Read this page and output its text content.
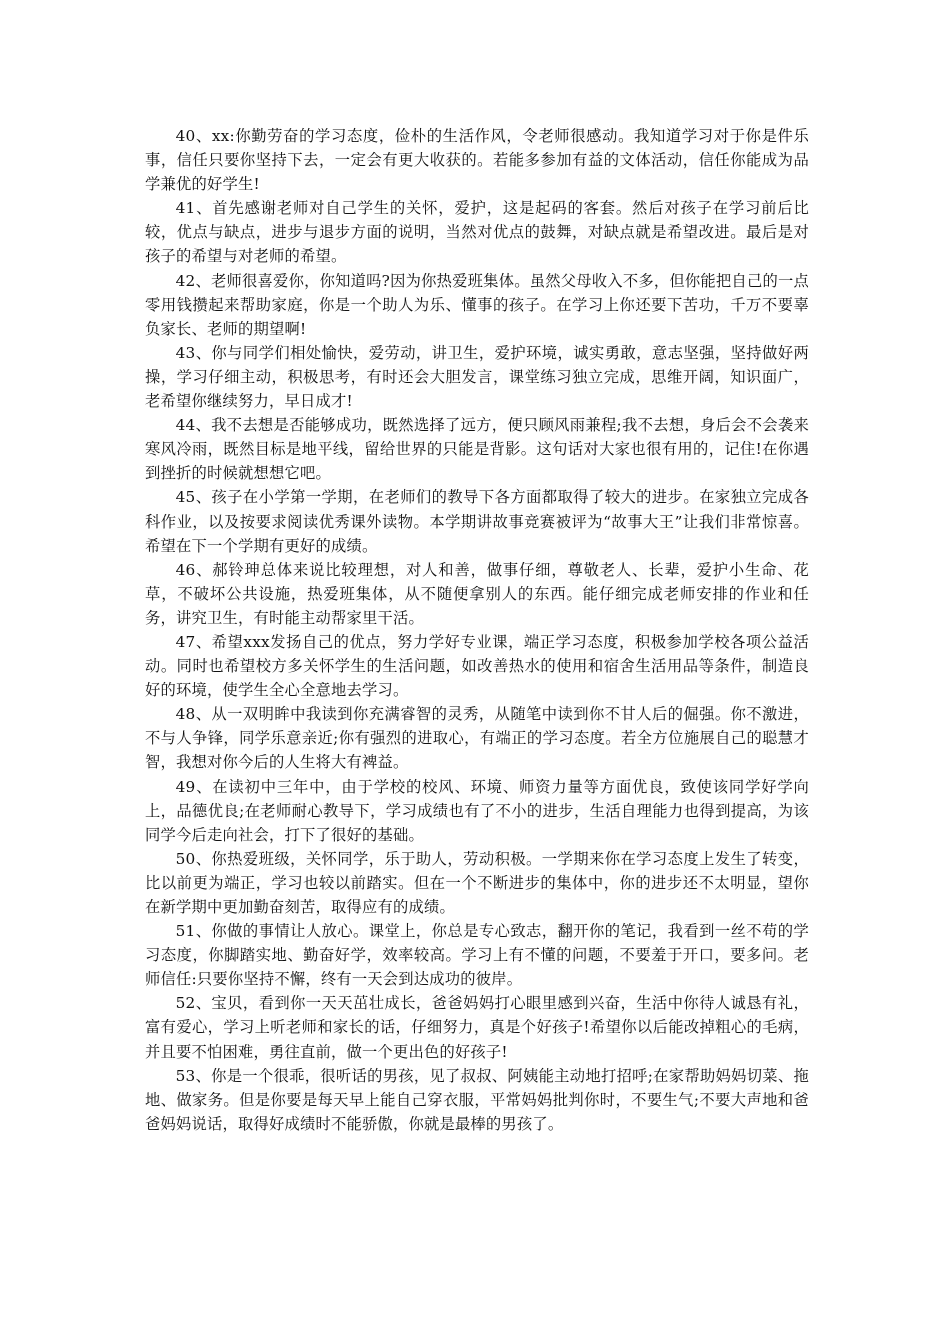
40、xx:你勤劳奋的学习态度，俭朴的生活作风，令老师很感动。我知道学习对于你是件乐事，信任只要你坚持下去，一定会有更大收获的。若能多参加有益的文体活动，信任你能成为品学兼优的好学生!

41、首先感谢老师对自己学生的关怀，爱护，这是起码的客套。然后对孩子在学习前后比较，优点与缺点，进步与退步方面的说明，当然对优点的鼓舞，对缺点就是希望改进。最后是对孩子的希望与对老师的希望。

42、老师很喜爱你，你知道吗?因为你热爱班集体。虽然父母收入不多，但你能把自己的一点零用钱攒起来帮助家庭，你是一个助人为乐、懂事的孩子。在学习上你还要下苦功，千万不要辜负家长、老师的期望啊!

43、你与同学们相处愉快，爱劳动，讲卫生，爱护环境，诚实勇敢，意志坚强，坚持做好两操，学习仔细主动，积极思考，有时还会大胆发言，课堂练习独立完成，思维开阔，知识面广，老希望你继续努力，早日成才!

44、我不去想是否能够成功，既然选择了远方，便只顾风雨兼程;我不去想，身后会不会袭来寒风冷雨，既然目标是地平线，留给世界的只能是背影。这句话对大家也很有用的，记住!在你遇到挫折的时候就想想它吧。

45、孩子在小学第一学期，在老师们的教导下各方面都取得了较大的进步。在家独立完成各科作业，以及按要求阅读优秀课外读物。本学期讲故事竞赛被评为“故事大王”让我们非常惊喜。希望在下一个学期有更好的成绩。

46、郝铃珅总体来说比较理想，对人和善，做事仔细，尊敬老人、长辈，爱护小生命、花草，不破坏公共设施，热爱班集体，从不随便拿别人的东西。能仔细完成老师安排的作业和任务，讲究卫生，有时能主动帮家里干活。

47、希望xxx发扬自己的优点，努力学好专业课，端正学习态度，积极参加学校各项公益活动。同时也希望校方多关怀学生的生活问题，如改善热水的使用和宿舍生活用品等条件，制造良好的环境，使学生全心全意地去学习。

48、从一双明眸中我读到你充满睿智的灵秀，从随笔中读到你不甘人后的倔强。你不激进，不与人争锋，同学乐意亲近;你有强烈的进取心，有端正的学习态度。若全方位施展自己的聪慧才智，我想对你今后的人生将大有裨益。

49、在读初中三年中，由于学校的校风、环境、师资力量等方面优良，致使该同学好学向上，品德优良;在老师耐心教导下，学习成绩也有了不小的进步，生活自理能力也得到提高，为该同学今后走向社会，打下了很好的基础。

50、你热爱班级，关怀同学，乐于助人，劳动积极。一学期来你在学习态度上发生了转变，比以前更为端正，学习也较以前踏实。但在一个不断进步的集体中，你的进步还不太明显，望你在新学期中更加勤奋刻苦，取得应有的成绩。

51、你做的事情让人放心。课堂上，你总是专心致志，翻开你的笔记，我看到一丝不苟的学习态度，你脚踏实地、勤奋好学，效率较高。学习上有不懂的问题，不要羞于开口，要多问。老师信任:只要你坚持不懈，终有一天会到达成功的彼岸。

52、宝贝，看到你一天天茁壮成长，爸爸妈妈打心眼里感到兴奋，生活中你待人诚恳有礼，富有爱心，学习上听老师和家长的话，仔细努力，真是个好孩子!希望你以后能改掉粗心的毛病，并且要不怕困难，勇往直前，做一个更出色的好孩子!

53、你是一个很乖，很听话的男孩，见了叔叔、阿姨能主动地打招呼;在家帮助妈妈切菜、拖地、做家务。但是你要是每天早上能自己穿衣服，平常妈妈批判你时，不要生气;不要大声地和爸爸妈妈说话，取得好成绩时不能骄傲，你就是最棒的男孩了。
